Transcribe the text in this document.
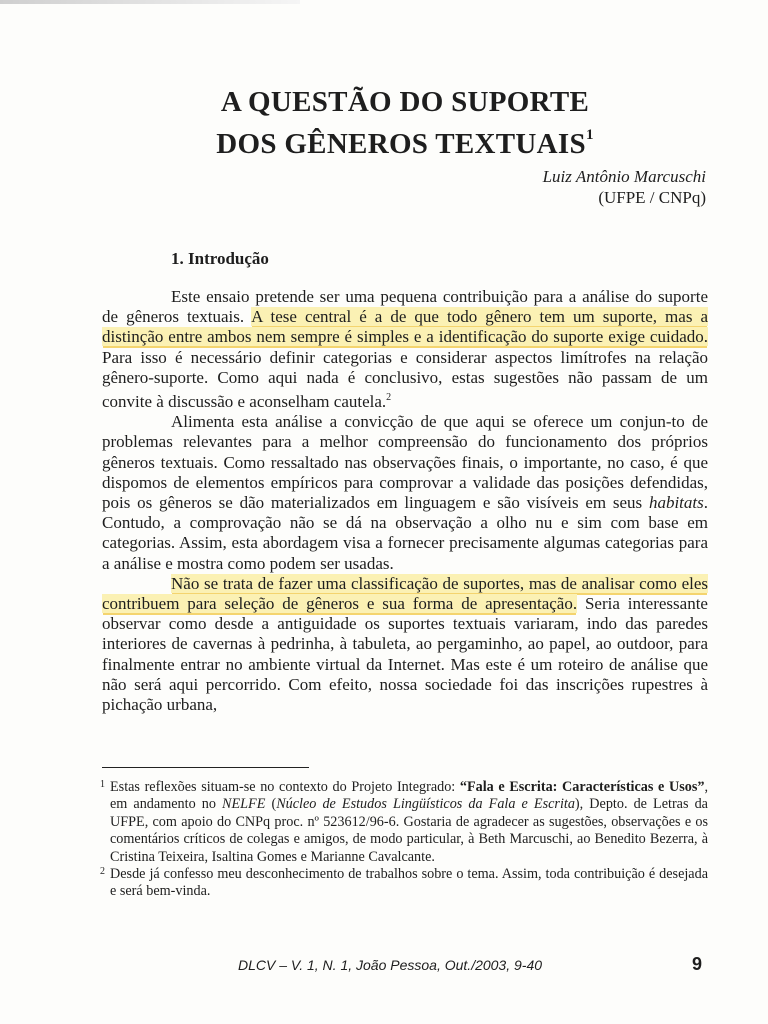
A QUESTÃO DO SUPORTE
DOS GÊNEROS TEXTUAIS$^1$
Luiz Antônio Marcuschi
(UFPE / CNPq)
1. Introdução

Este ensaio pretende ser uma pequena contribuição para a análise do suporte de gêneros textuais. A tese central é a de que todo gênero tem um suporte, mas a distinção entre ambos nem sempre é simples e a identificação do suporte exige cuidado. Para isso é necessário definir categorias e considerar aspectos limítrofes na relação gênero-suporte. Como aqui nada é conclusivo, estas sugestões não passam de um convite à discussão e aconselham cautela.$^2$

Alimenta esta análise a convicção de que aqui se oferece um conjun-to de problemas relevantes para a melhor compreensão do funcionamento dos próprios gêneros textuais. Como ressaltado nas observações finais, o importante, no caso, é que dispomos de elementos empíricos para comprovar a validade das posições defendidas, pois os gêneros se dão materializados em linguagem e são visíveis em seus habitats. Contudo, a comprovação não se dá na observação a olho nu e sim com base em categorias. Assim, esta abordagem visa a fornecer precisamente algumas categorias para a análise e mostra como podem ser usadas.

Não se trata de fazer uma classificação de suportes, mas de analisar como eles contribuem para seleção de gêneros e sua forma de apresentação. Seria interessante observar como desde a antiguidade os suportes textuais variaram, indo das paredes interiores de cavernas à pedrinha, à tabuleta, ao pergaminho, ao papel, ao outdoor, para finalmente entrar no ambiente virtual da Internet. Mas este é um roteiro de análise que não será aqui percorrido. Com efeito, nossa sociedade foi das inscrições rupestres à pichação urbana,

1 Estas reflexões situam-se no contexto do Projeto Integrado: “Fala e Escrita: Características e Usos”, em andamento no NELFE (Núcleo de Estudos Lingüísticos da Fala e Escrita), Depto. de Letras da UFPE, com apoio do CNPq proc. nº 523612/96-6. Gostaria de agradecer as sugestões, observações e os comentários críticos de colegas e amigos, de modo particular, à Beth Marcuschi, ao Benedito Bezerra, à Cristina Teixeira, Isaltina Gomes e Marianne Cavalcante.

2 Desde já confesso meu desconhecimento de trabalhos sobre o tema. Assim, toda contribuição é desejada e será bem-vinda.

DLCV – V. 1, N. 1, João Pessoa, Out./2003, 9-40	9
